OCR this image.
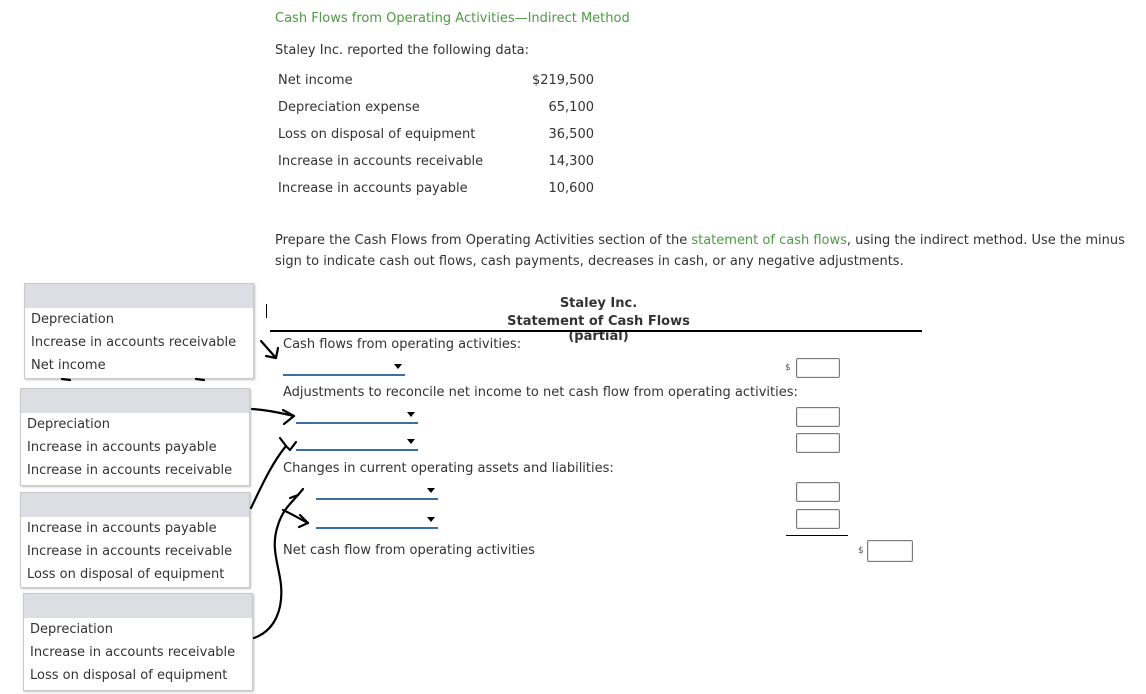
Cash Flows from Operating Activities—Indirect Method
Staley Inc. reported the following data:
Net income	$219,500
Depreciation expense	65,100
Loss on disposal of equipment	36,500
Increase in accounts receivable	14,300
Increase in accounts payable	10,600
Prepare the Cash Flows from Operating Activities section of the statement of cash flows, using the indirect method. Use the minus sign to indicate cash out flows, cash payments, decreases in cash, or any negative adjustments.
Staley Inc.
Statement of Cash Flows (partial)
Cash flows from operating activities:
$
Adjustments to reconcile net income to net cash flow from operating activities:
Changes in current operating assets and liabilities:
Net cash flow from operating activities	$
Depreciation
Increase in accounts receivable
Net income
Depreciation
Increase in accounts payable
Increase in accounts receivable
Increase in accounts payable
Increase in accounts receivable
Loss on disposal of equipment
Depreciation
Increase in accounts receivable
Loss on disposal of equipment
